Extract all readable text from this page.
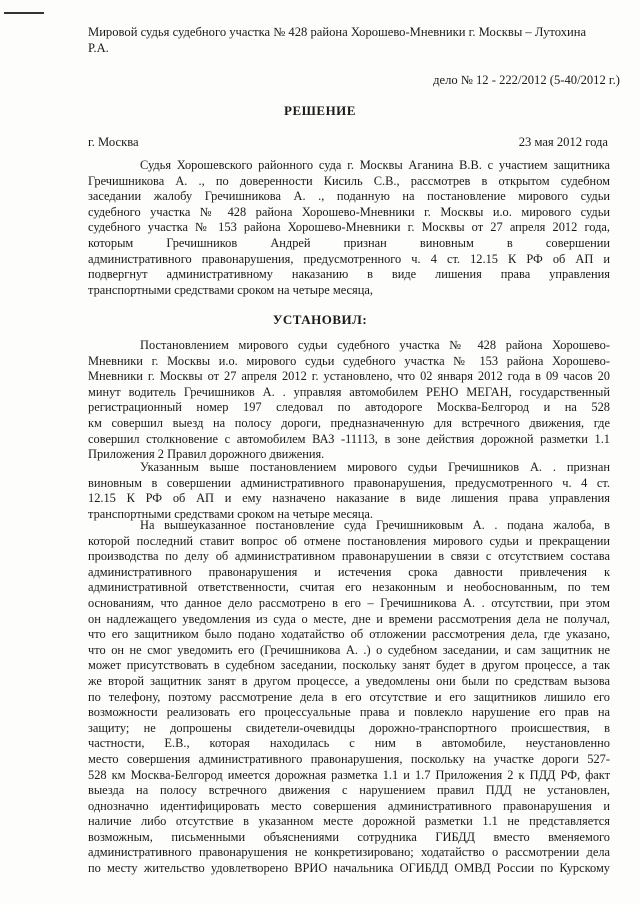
Мировой судья судебного участка № 428 района Хорошево-Мневники г. Москвы – Лутохина Р.А.
дело № 12 - 222/2012 (5-40/2012 г.)
РЕШЕНИЕ
г. Москва	23 мая 2012 года
Судья Хорошевского районного суда г. Москвы Аганина В.В. с участием защитника
Гречишникова А. ., по доверенности Кисиль С.В., рассмотрев в открытом судебном
заседании жалобу Гречишникова А. ., поданную на постановление мирового судьи
судебного участка № 428 района Хорошево-Мневники г. Москвы и.о. мирового судьи
судебного участка № 153 района Хорошево-Мневники г. Москвы от 27 апреля 2012 года,
которым Гречишников Андрей признан виновным в совершении
административного правонарушения, предусмотренного ч. 4 ст. 12.15 К РФ об АП и
подвергнут административному наказанию в виде лишения права управления
транспортными средствами сроком на четыре месяца,
УСТАНОВИЛ:
Постановлением мирового судьи судебного участка № 428 района Хорошево-
Мневники г. Москвы и.о. мирового судьи судебного участка № 153 района Хорошево-
Мневники г. Москвы от 27 апреля 2012 г. установлено, что 02 января 2012 года в 09 часов 20
минут водитель Гречишников А. . управляя автомобилем РЕНО МЕГАН, государственный
регистрационный номер 197 следовал по автодороге Москва-Белгород и на 528
км совершил выезд на полосу дороги, предназначенную для встречного движения, где
совершил столкновение с автомобилем ВАЗ -11113, в зоне действия дорожной разметки 1.1
Приложения 2 Правил дорожного движения.
Указанным выше постановлением мирового судьи Гречишников А. . признан
виновным в совершении административного правонарушения, предусмотренного ч. 4 ст.
12.15 К РФ об АП и ему назначено наказание в виде лишения права управления
транспортными средствами сроком на четыре месяца.
На вышеуказанное постановление суда Гречишниковым А. . подана жалоба, в
которой последний ставит вопрос об отмене постановления мирового судьи и прекращении
производства по делу об административном правонарушении в связи с отсутствием состава
административного правонарушения и истечения срока давности привлечения к
административной ответственности, считая его незаконным и необоснованным, по тем
основаниям, что данное дело рассмотрено в его – Гречишникова А. . отсутствии, при этом
он надлежащего уведомления из суда о месте, дне и времени рассмотрения дела не получал,
что его защитником было подано ходатайство об отложении рассмотрения дела, где указано,
что он не смог уведомить его (Гречишникова А. .) о судебном заседании, и сам защитник не
может присутствовать в судебном заседании, поскольку занят будет в другом процессе, а так
же второй защитник занят в другом процессе, а уведомлены они были по средствам вызова
по телефону, поэтому рассмотрение дела в его отсутствие и его защитников лишило его
возможности реализовать его процессуальные права и повлекло нарушение его прав на
защиту; не допрошены свидетели-очевидцы дорожно-транспортного происшествия, в
частности, Е.В., которая находилась с ним в автомобиле, неустановленно
место совершения административного правонарушения, поскольку на участке дороги 527-
528 км Москва-Белгород имеется дорожная разметка 1.1 и 1.7 Приложения 2 к ПДД РФ, факт
выезда на полосу встречного движения с нарушением правил ПДД не установлен,
однозначно идентифицировать место совершения административного правонарушения и
наличие либо отсутствие в указанном месте дорожной разметки 1.1 не представляется
возможным, письменными объяснениями сотрудника ГИБДД вместо вменяемого
административного правонарушения не конкретизировано; ходатайство о рассмотрении дела
по месту жительство удовлетворено ВРИО начальника ОГИБДД ОМВД России по Курскому
